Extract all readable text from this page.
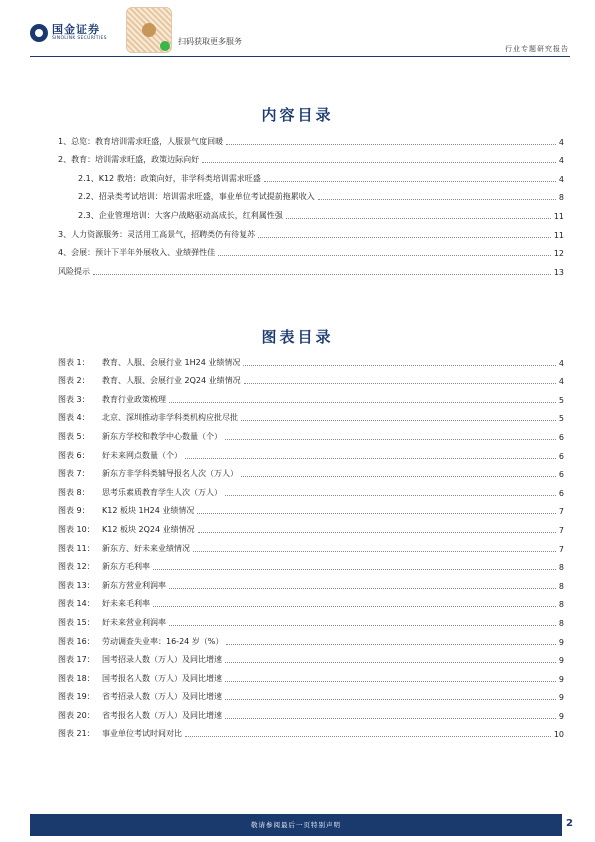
国金证券
SINOLINK SECURITIES	扫码获取更多服务
行业专题研究报告
内容目录
1、总览：教育培训需求旺盛，人服景气度回暖	4
2、教育：培训需求旺盛，政策边际向好	4
2.1、K12 教培：政策向好，非学科类培训需求旺盛	4
2.2、招录类考试培训：培训需求旺盛，事业单位考试提前拖累收入	8
2.3、企业管理培训：大客户战略驱动高成长，红利属性强	11
3、人力资源服务：灵活用工高景气，招聘类仍有待复苏	11
4、会展：预计下半年外展收入、业绩弹性佳	12
风险提示	13
图表目录
图表 1：	教育、人服、会展行业 1H24 业绩情况	4
图表 2：	教育、人服、会展行业 2Q24 业绩情况	4
图表 3：	教育行业政策梳理	5
图表 4：	北京、深圳推动非学科类机构应批尽批	5
图表 5：	新东方学校和教学中心数量（个）	6
图表 6：	好未来网点数量（个）	6
图表 7：	新东方非学科类辅导报名人次（万人）	6
图表 8：	思考乐素质教育学生人次（万人）	6
图表 9：	K12 板块 1H24 业绩情况	7
图表 10： K12 板块 2Q24 业绩情况	7
图表 11： 新东方、好未来业绩情况	7
图表 12： 新东方毛利率	8
图表 13： 新东方营业利润率	8
图表 14： 好未来毛利率	8
图表 15： 好未来营业利润率	8
图表 16： 劳动调查失业率：16-24 岁（%）	9
图表 17： 国考招录人数（万人）及同比增速	9
图表 18： 国考报名人数（万人）及同比增速	9
图表 19： 省考招录人数（万人）及同比增速	9
图表 20： 省考报名人数（万人）及同比增速	9
图表 21： 事业单位考试时间对比	10
敬请参阅最后一页特别声明	2
